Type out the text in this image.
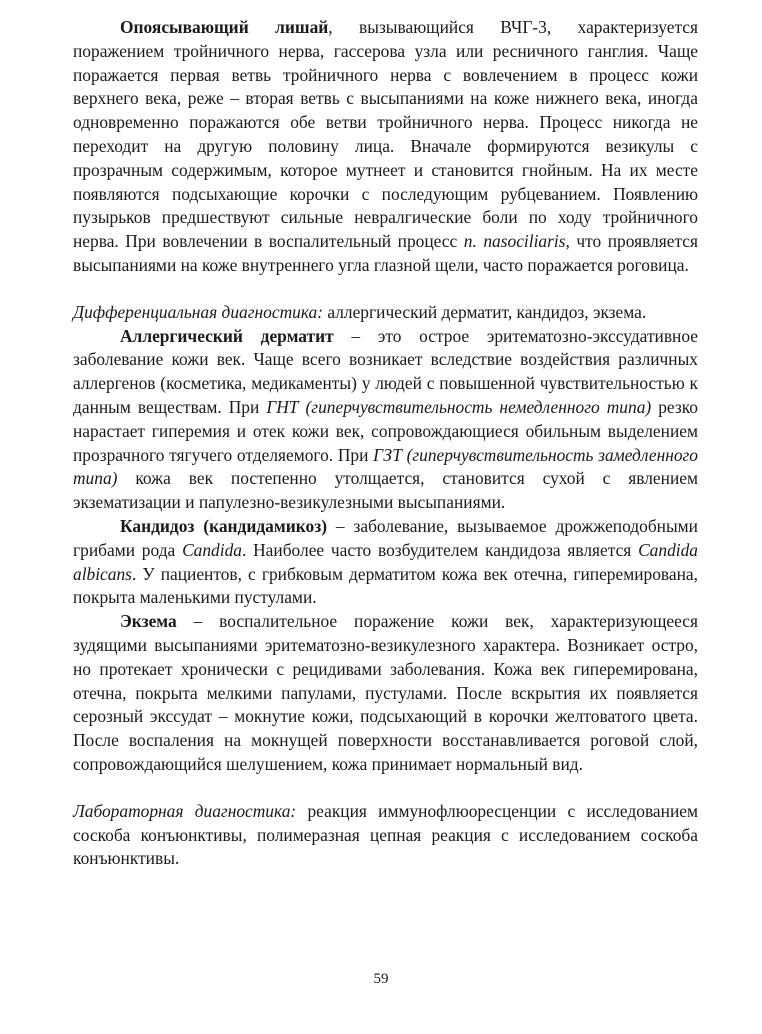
Опоясывающий лишай, вызывающийся ВЧГ-3, характеризуется поражением тройничного нерва, гассерова узла или ресничного ганглия. Чаще поражается первая ветвь тройничного нерва с вовлечением в процесс кожи верхнего века, реже – вторая ветвь с высыпаниями на коже нижнего века, иногда одновременно поражаются обе ветви тройничного нерва. Процесс никогда не переходит на другую половину лица. Вначале формируются везикулы с прозрачным содержимым, которое мутнеет и становится гнойным. На их месте появляются подсыхающие корочки с последующим рубцеванием. Появлению пузырьков предшествуют сильные невралгические боли по ходу тройничного нерва. При вовлечении в воспалительный процесс n. nasociliaris, что проявляется высыпаниями на коже внутреннего угла глазной щели, часто поражается роговица.

Дифференциальная диагностика: аллергический дерматит, кандидоз, экзема.

Аллергический дерматит – это острое эритематозно-экссудативное заболевание кожи век. Чаще всего возникает вследствие воздействия различных аллергенов (косметика, медикаменты) у людей с повышенной чувствительностью к данным веществам. При ГНТ (гиперчувствительность немедленного типа) резко нарастает гиперемия и отек кожи век, сопровождающиеся обильным выделением прозрачного тягучего отделяемого. При ГЗТ (гиперчувствительность замедленного типа) кожа век постепенно утолщается, становится сухой с явлением экзематизации и папулезно-везикулезными высыпаниями.

Кандидоз (кандидамикоз) – заболевание, вызываемое дрожжеподобными грибами рода Candida. Наиболее часто возбудителем кандидоза является Candida albicans. У пациентов, с грибковым дерматитом кожа век отечна, гиперемирована, покрыта маленькими пустулами.

Экзема – воспалительное поражение кожи век, характеризующееся зудящими высыпаниями эритематозно-везикулезного характера. Возникает остро, но протекает хронически с рецидивами заболевания. Кожа век гиперемирована, отечна, покрыта мелкими папулами, пустулами. После вскрытия их появляется серозный экссудат – мокнутие кожи, подсыхающий в корочки желтоватого цвета. После воспаления на мокнущей поверхности восстанавливается роговой слой, сопровождающийся шелушением, кожа принимает нормальный вид.

Лабораторная диагностика: реакция иммунофлюоресценции с исследованием соскоба конъюнктивы, полимеразная цепная реакция с исследованием соскоба конъюнктивы.

59
